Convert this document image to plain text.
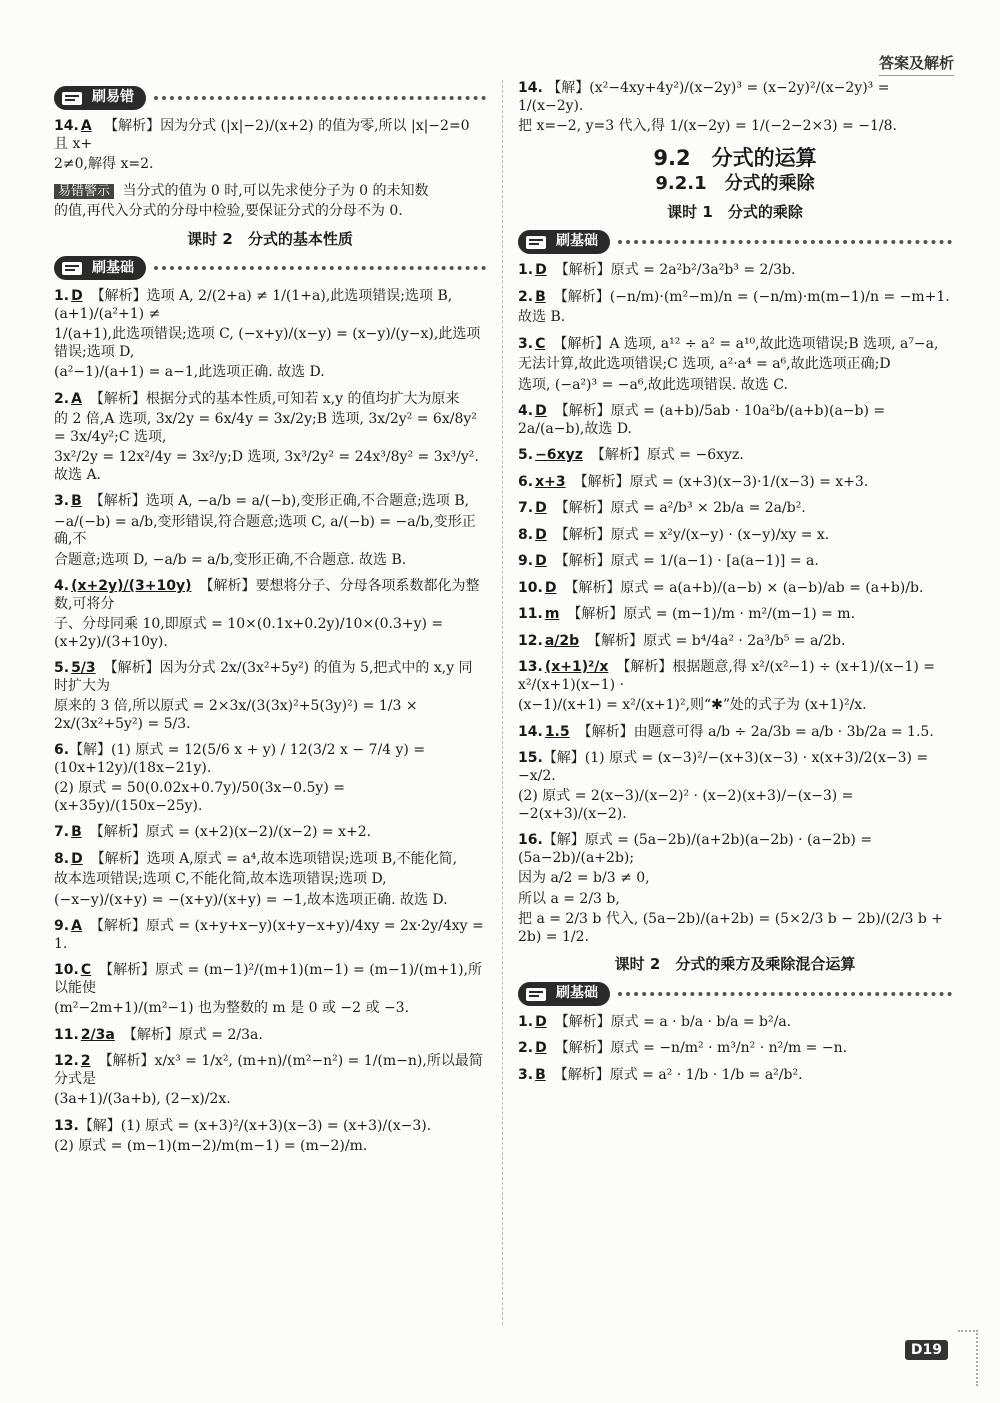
答案及解析
刷易错
14. A 【解析】因为分式 (|x|−2)/(x+2) 的值为零,所以 |x|−2=0 且 x+
2≠0,解得 x=2.
易错警示 当分式的值为 0 时,可以先求使分子为 0 的未知数
的值,再代入分式的分母中检验,要保证分式的分母不为 0.
课时 2　分式的基本性质
刷基础
1. D 【解析】选项 A, 2/(2+a) ≠ 1/(1+a),此选项错误;选项 B, (a+1)/(a²+1) ≠
1/(a+1),此选项错误;选项 C, (−x+y)/(x−y) = (x−y)/(y−x),此选项错误;选项 D,
(a²−1)/(a+1) = a−1,此选项正确. 故选 D.
2. A 【解析】根据分式的基本性质,可知若 x,y 的值均扩大为原来
的 2 倍,A 选项, 3x/2y = 6x/4y = 3x/2y;B 选项, 3x/2y² = 6x/8y² = 3x/4y²;C 选项,
3x²/2y = 12x²/4y = 3x²/y;D 选项, 3x³/2y² = 24x³/8y² = 3x³/y². 故选 A.
3. B 【解析】选项 A, −a/b = a/(−b),变形正确,不合题意;选项 B,
−a/(−b) = a/b,变形错误,符合题意;选项 C, a/(−b) = −a/b,变形正确,不
合题意;选项 D, −a/b = a/b,变形正确,不合题意. 故选 B.
4. (x+2y)/(3+10y) 【解析】要想将分子、分母各项系数都化为整数,可将分
子、分母同乘 10,即原式 = 10×(0.1x+0.2y)/10×(0.3+y) = (x+2y)/(3+10y).
5. 5/3 【解析】因为分式 2x/(3x²+5y²) 的值为 5,把式中的 x,y 同时扩大为
原来的 3 倍,所以原式 = 2×3x/(3(3x)²+5(3y)²) = 1/3 × 2x/(3x²+5y²) = 5/3.
6.【解】(1) 原式 = 12(5/6 x + y) / 12(3/2 x − 7/4 y) = (10x+12y)/(18x−21y).
(2) 原式 = 50(0.02x+0.7y)/50(3x−0.5y) = (x+35y)/(150x−25y).
7. B 【解析】原式 = (x+2)(x−2)/(x−2) = x+2.
8. D 【解析】选项 A,原式 = a⁴,故本选项错误;选项 B,不能化简,
故本选项错误;选项 C,不能化简,故本选项错误;选项 D,
(−x−y)/(x+y) = −(x+y)/(x+y) = −1,故本选项正确. 故选 D.
9. A 【解析】原式 = (x+y+x−y)(x+y−x+y)/4xy = 2x·2y/4xy = 1.
10. C 【解析】原式 = (m−1)²/(m+1)(m−1) = (m−1)/(m+1),所以能使
(m²−2m+1)/(m²−1) 也为整数的 m 是 0 或 −2 或 −3.
11. 2/3a 【解析】原式 = 2/3a.
12. 2 【解析】x/x³ = 1/x², (m+n)/(m²−n²) = 1/(m−n),所以最简分式是
(3a+1)/(3a+b), (2−x)/2x.
13.【解】(1) 原式 = (x+3)²/(x+3)(x−3) = (x+3)/(x−3).
(2) 原式 = (m−1)(m−2)/m(m−1) = (m−2)/m.
14. 【解】(x²−4xy+4y²)/(x−2y)³ = (x−2y)²/(x−2y)³ = 1/(x−2y).
把 x=−2, y=3 代入,得 1/(x−2y) = 1/(−2−2×3) = −1/8.
9.2　分式的运算
9.2.1　分式的乘除
课时 1　分式的乘除
刷基础
1. D 【解析】原式 = 2a²b²/3a²b³ = 2/3b.
2. B 【解析】(−n/m)·(m²−m)/n = (−n/m)·m(m−1)/n = −m+1.
故选 B.
3. C 【解析】A 选项, a¹² ÷ a² = a¹⁰,故此选项错误;B 选项, a⁷−a,
无法计算,故此选项错误;C 选项, a²·a⁴ = a⁶,故此选项正确;D
选项, (−a²)³ = −a⁶,故此选项错误. 故选 C.
4. D 【解析】原式 = (a+b)/5ab · 10a²b/(a+b)(a−b) = 2a/(a−b),故选 D.
5. −6xyz 【解析】原式 = −6xyz.
6. x+3 【解析】原式 = (x+3)(x−3)·1/(x−3) = x+3.
7. D 【解析】原式 = a²/b³ × 2b/a = 2a/b².
8. D 【解析】原式 = x²y/(x−y) · (x−y)/xy = x.
9. D 【解析】原式 = 1/(a−1) · [a(a−1)] = a.
10. D 【解析】原式 = a(a+b)/(a−b) × (a−b)/ab = (a+b)/b.
11. m 【解析】原式 = (m−1)/m · m²/(m−1) = m.
12. a/2b 【解析】原式 = b⁴/4a² · 2a³/b⁵ = a/2b.
13. (x+1)²/x 【解析】根据题意,得 x²/(x²−1) ÷ (x+1)/(x−1) = x²/(x+1)(x−1) ·
(x−1)/(x+1) = x²/(x+1)²,则“✱”处的式子为 (x+1)²/x.
14. 1.5 【解析】由题意可得 a/b ÷ 2a/3b = a/b · 3b/2a = 1.5.
15.【解】(1) 原式 = (x−3)²/−(x+3)(x−3) · x(x+3)/2(x−3) = −x/2.
(2) 原式 = 2(x−3)/(x−2)² · (x−2)(x+3)/−(x−3) = −2(x+3)/(x−2).
16.【解】原式 = (5a−2b)/(a+2b)(a−2b) · (a−2b) = (5a−2b)/(a+2b);
因为 a/2 = b/3 ≠ 0,
所以 a = 2/3 b,
把 a = 2/3 b 代入, (5a−2b)/(a+2b) = (5×2/3 b − 2b)/(2/3 b + 2b) = 1/2.
课时 2　分式的乘方及乘除混合运算
刷基础
1. D 【解析】原式 = a · b/a · b/a = b²/a.
2. D 【解析】原式 = −n/m² · m³/n² · n²/m = −n.
3. B 【解析】原式 = a² · 1/b · 1/b = a²/b².
D19
